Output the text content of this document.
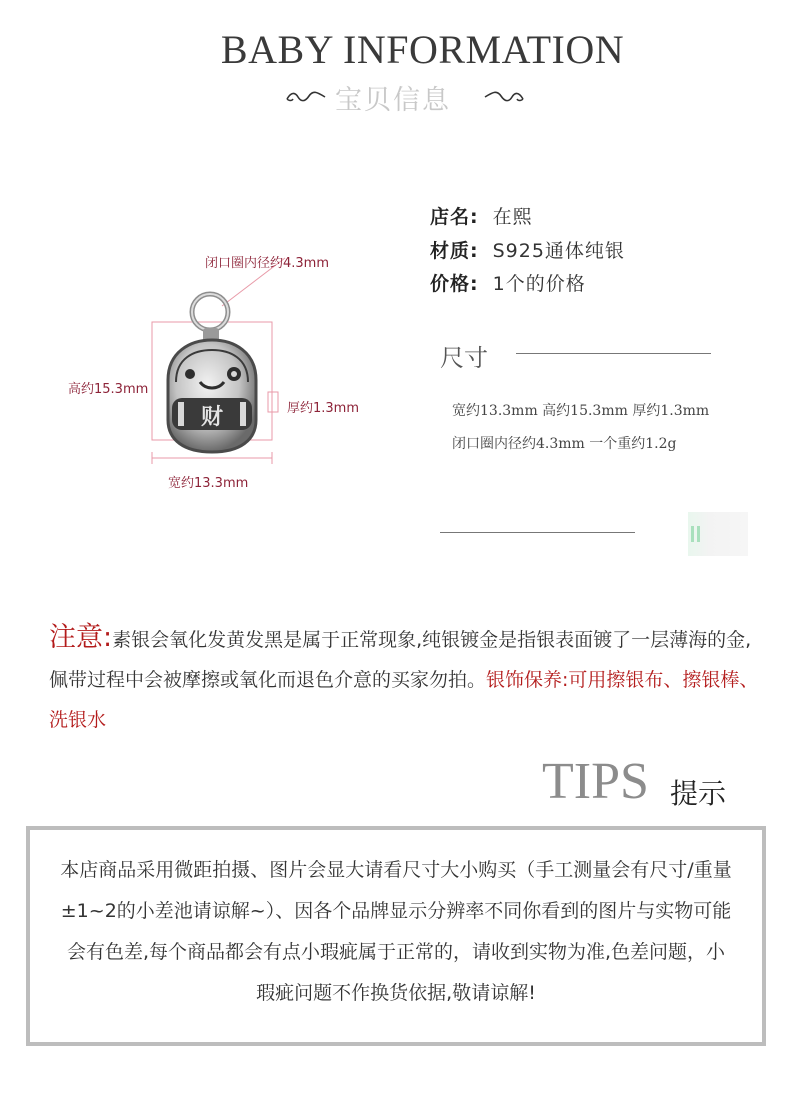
BABY INFORMATION
宝贝信息
财
闭口圈内径约4.3mm
高约15.3mm
厚约1.3mm
宽约13.3mm
店名: 在熙
材质: S925通体纯银
价格: 1个的价格
尺寸
宽约13.3mm 高约15.3mm 厚约1.3mm 闭口圈内径约4.3mm 一个重约1.2g
注意:素银会氧化发黄发黑是属于正常现象,纯银镀金是指银表面镀了一层薄海的金,佩带过程中会被摩擦或氧化而退色介意的买家勿拍。银饰保养:可用擦银布、擦银棒、洗银水
TIPS 提示
本店商品采用微距拍摄、图片会显大请看尺寸大小购买（手工测量会有尺寸/重量±1~2的小差池请谅解~）、因各个品牌显示分辨率不同你看到的图片与实物可能会有色差,每个商品都会有点小瑕疵属于正常的，请收到实物为准,色差问题，小瑕疵问题不作换货依据,敬请谅解!
